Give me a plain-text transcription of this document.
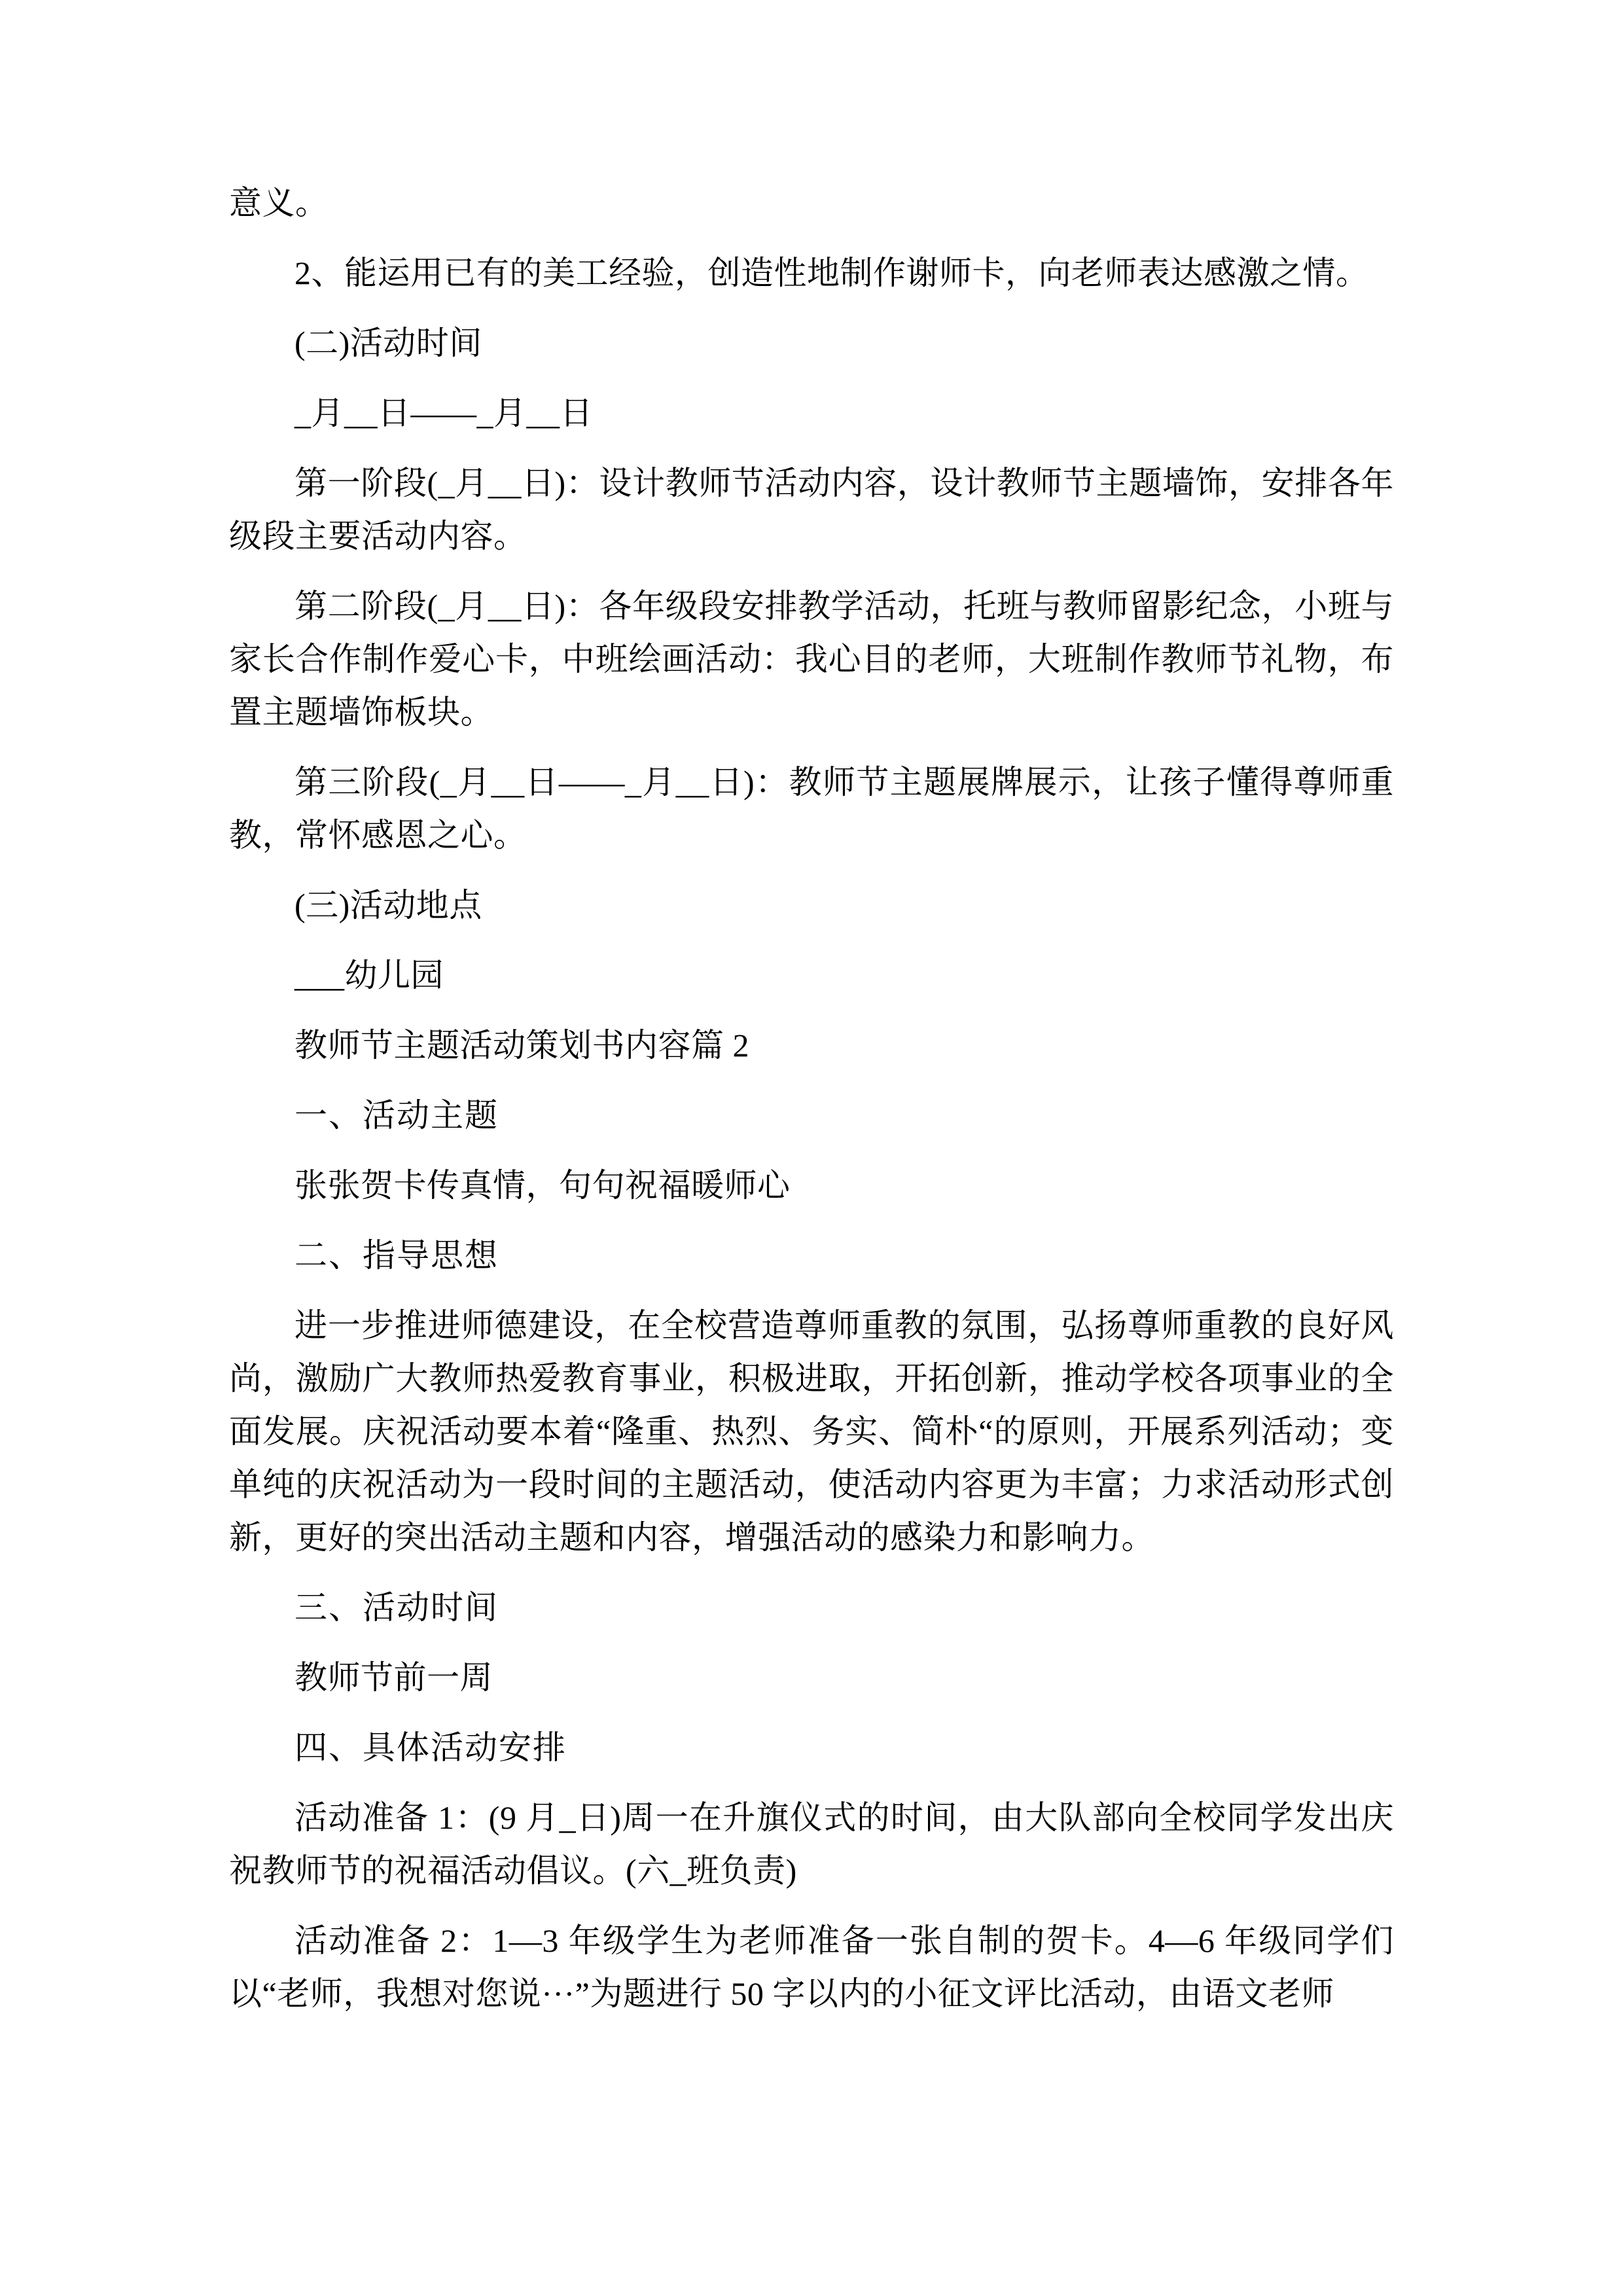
意义。

2、能运用已有的美工经验，创造性地制作谢师卡，向老师表达感激之情。

(二)活动时间

_月__日——_月__日

第一阶段(_月__日)：设计教师节活动内容，设计教师节主题墙饰，安排各年级段主要活动内容。

第二阶段(_月__日)：各年级段安排教学活动，托班与教师留影纪念，小班与家长合作制作爱心卡，中班绘画活动：我心目的老师，大班制作教师节礼物，布置主题墙饰板块。

第三阶段(_月__日——_月__日)：教师节主题展牌展示，让孩子懂得尊师重教，常怀感恩之心。

(三)活动地点

___幼儿园

教师节主题活动策划书内容篇 2

一、活动主题

张张贺卡传真情，句句祝福暖师心

二、指导思想

进一步推进师德建设，在全校营造尊师重教的氛围，弘扬尊师重教的良好风尚，激励广大教师热爱教育事业，积极进取，开拓创新，推动学校各项事业的全面发展。庆祝活动要本着“隆重、热烈、务实、简朴“的原则，开展系列活动；变单纯的庆祝活动为一段时间的主题活动，使活动内容更为丰富；力求活动形式创新，更好的突出活动主题和内容，增强活动的感染力和影响力。

三、活动时间

教师节前一周

四、具体活动安排

活动准备 1：(9 月_日)周一在升旗仪式的时间，由大队部向全校同学发出庆祝教师节的祝福活动倡议。(六_班负责)

活动准备 2：1—3 年级学生为老师准备一张自制的贺卡。4—6 年级同学们以“老师，我想对您说···”为题进行 50 字以内的小征文评比活动，由语文老师
